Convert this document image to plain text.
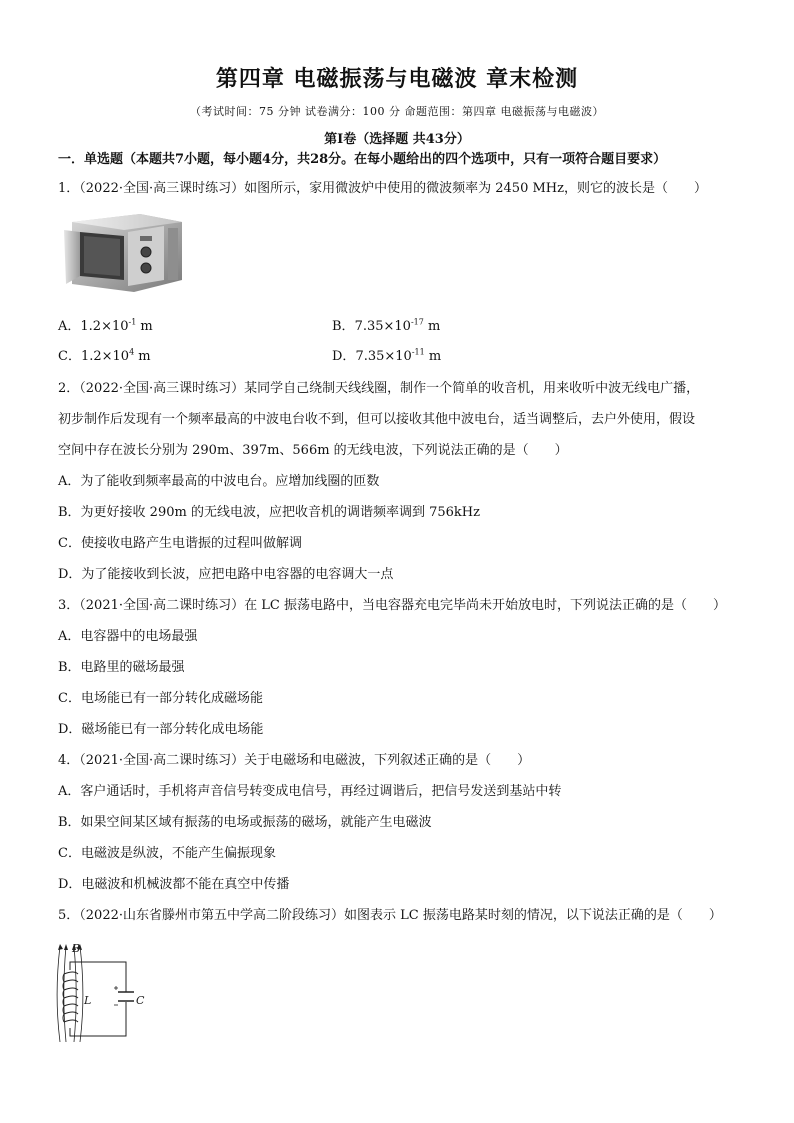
第四章 电磁振荡与电磁波 章末检测
（考试时间：75 分钟 试卷满分：100 分 命题范围：第四章 电磁振荡与电磁波）
第Ⅰ卷（选择题 共43分）
一．单选题（本题共7小题，每小题4分，共28分。在每小题给出的四个选项中，只有一项符合题目要求）
1．（2022·全国·高三课时练习）如图所示，家用微波炉中使用的微波频率为 2450 MHz，则它的波长是（　　）
A．$1.2\times 10^{-1}$ m	B．$7.35\times 10^{-17}$ m
C．$1.2\times 10^4$ m	D．$7.35\times 10^{-11}$ m
2．（2022·全国·高三课时练习）某同学自己绕制天线线圈，制作一个简单的收音机，用来收听中波无线电广播，
初步制作后发现有一个频率最高的中波电台收不到，但可以接收其他中波电台，适当调整后，去户外使用，假设
空间中存在波长分别为 290m、397m、566m 的无线电波，下列说法正确的是（　　）
A．为了能收到频率最高的中波电台。应增加线圈的匝数
B．为更好接收 290m 的无线电波，应把收音机的调谐频率调到 756kHz
C．使接收电路产生电谐振的过程叫做解调
D．为了能接收到长波，应把电路中电容器的电容调大一点
3．（2021·全国·高二课时练习）在 LC 振荡电路中，当电容器充电完毕尚未开始放电时，下列说法正确的是（　　）
A．电容器中的电场最强
B．电路里的磁场最强
C．电场能已有一部分转化成磁场能
D．磁场能已有一部分转化成电场能
4．（2021·全国·高二课时练习）关于电磁场和电磁波，下列叙述正确的是（　　）
A．客户通话时，手机将声音信号转变成电信号，再经过调谐后，把信号发送到基站中转
B．如果空间某区域有振荡的电场或振荡的磁场，就能产生电磁波
C．电磁波是纵波，不能产生偏振现象
D．电磁波和机械波都不能在真空中传播
5．（2022·山东省滕州市第五中学高二阶段练习）如图表示 LC 振荡电路某时刻的情况，以下说法正确的是（　　）
C
B
L
